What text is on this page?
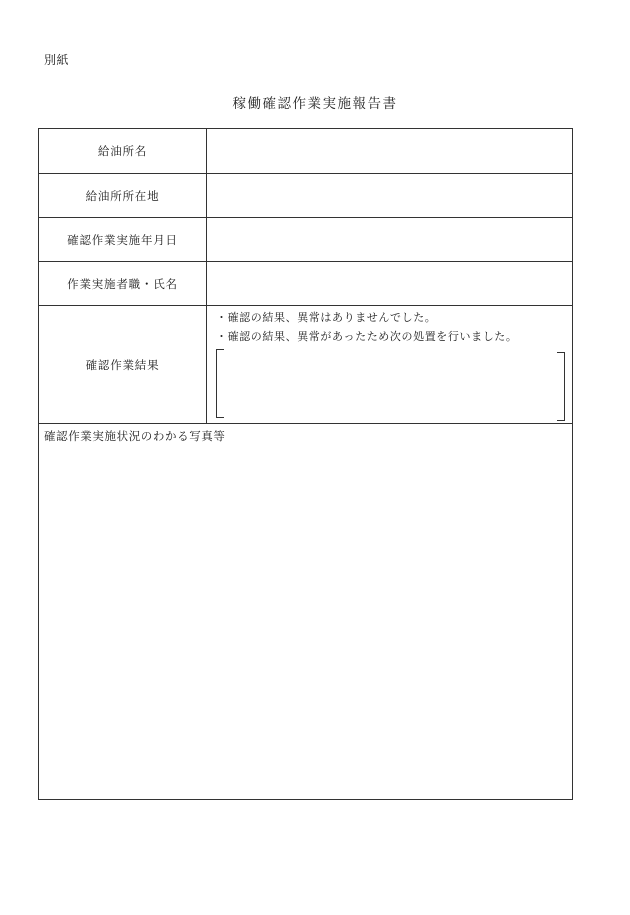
別紙
稼働確認作業実施報告書
給油所名
給油所所在地
確認作業実施年月日
作業実施者職・氏名
確認作業結果
・確認の結果、異常はありませんでした。
・確認の結果、異常があったため次の処置を行いました。
確認作業実施状況のわかる写真等
